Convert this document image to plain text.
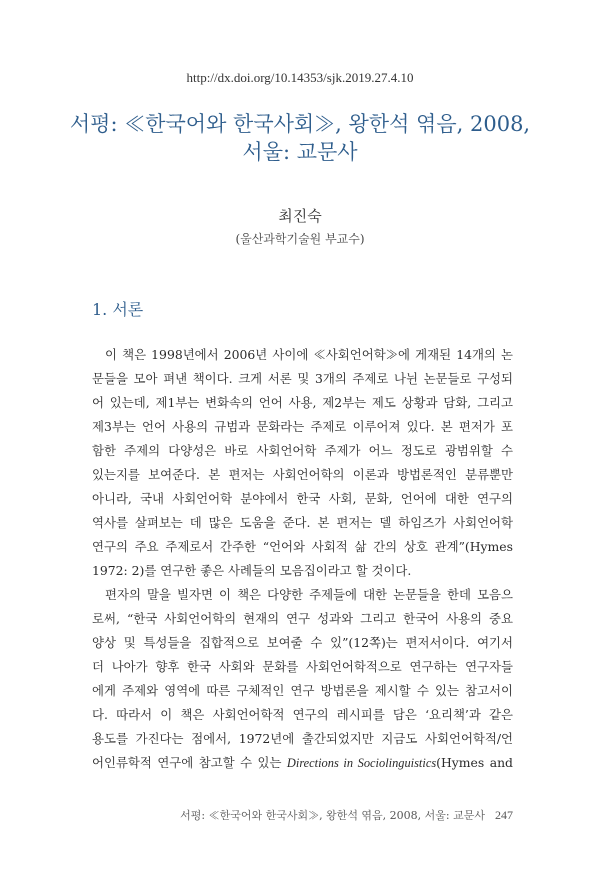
http://dx.doi.org/10.14353/sjk.2019.27.4.10
서평: ≪한국어와 한국사회≫, 왕한석 엮음, 2008,
서울: 교문사
최진숙
(울산과학기술원 부교수)
1. 서론
이 책은 1998년에서 2006년 사이에 ≪사회언어학≫에 게재된 14개의 논
문들을 모아 펴낸 책이다. 크게 서론 및 3개의 주제로 나뉜 논문들로 구성되
어 있는데, 제1부는 변화속의 언어 사용, 제2부는 제도 상황과 담화, 그리고
제3부는 언어 사용의 규범과 문화라는 주제로 이루어져 있다. 본 편저가 포
함한 주제의 다양성은 바로 사회언어학 주제가 어느 정도로 광범위할 수
있는지를 보여준다. 본 편저는 사회언어학의 이론과 방법론적인 분류뿐만
아니라, 국내 사회언어학 분야에서 한국 사회, 문화, 언어에 대한 연구의
역사를 살펴보는 데 많은 도움을 준다. 본 편저는 델 하임즈가 사회언어학
연구의 주요 주제로서 간주한 “언어와 사회적 삶 간의 상호 관계”(Hymes
1972: 2)를 연구한 좋은 사례들의 모음집이라고 할 것이다.
편자의 말을 빌자면 이 책은 다양한 주제들에 대한 논문들을 한데 모음으
로써, “한국 사회언어학의 현재의 연구 성과와 그리고 한국어 사용의 중요
양상 및 특성들을 집합적으로 보여줄 수 있”(12쪽)는 편저서이다. 여기서
더 나아가 향후 한국 사회와 문화를 사회언어학적으로 연구하는 연구자들
에게 주제와 영역에 따른 구체적인 연구 방법론을 제시할 수 있는 참고서이
다. 따라서 이 책은 사회언어학적 연구의 레시피를 담은 ‘요리책’과 같은
용도를 가진다는 점에서, 1972년에 출간되었지만 지금도 사회언어학적/언
어인류학적 연구에 참고할 수 있는 Directions in Sociolinguistics(Hymes and
서평: ≪한국어와 한국사회≫, 왕한석 엮음, 2008, 서울: 교문사 247
